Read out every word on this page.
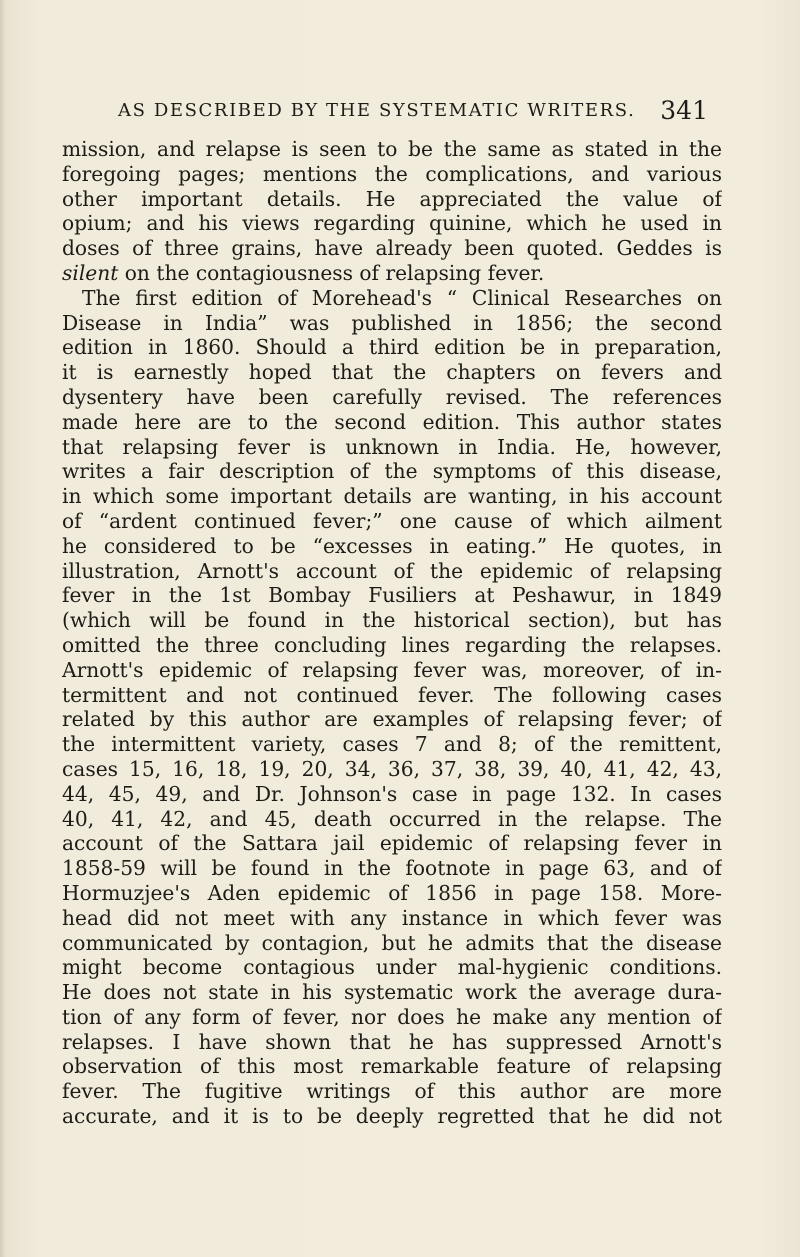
AS DESCRIBED BY THE SYSTEMATIC WRITERS. 341
mission, and relapse is seen to be the same as stated in the
foregoing pages; mentions the complications, and various
other important details. He appreciated the value of
opium; and his views regarding quinine, which he used in
doses of three grains, have already been quoted. Geddes is
silent on the contagiousness of relapsing fever.
The first edition of Morehead's “ Clinical Researches on
Disease in India” was published in 1856; the second
edition in 1860. Should a third edition be in preparation,
it is earnestly hoped that the chapters on fevers and
dysentery have been carefully revised. The references
made here are to the second edition. This author states
that relapsing fever is unknown in India. He, however,
writes a fair description of the symptoms of this disease,
in which some important details are wanting, in his account
of “ardent continued fever;” one cause of which ailment
he considered to be “excesses in eating.” He quotes, in
illustration, Arnott's account of the epidemic of relapsing
fever in the 1st Bombay Fusiliers at Peshawur, in 1849
(which will be found in the historical section), but has
omitted the three concluding lines regarding the relapses.
Arnott's epidemic of relapsing fever was, moreover, of in-
termittent and not continued fever. The following cases
related by this author are examples of relapsing fever; of
the intermittent variety, cases 7 and 8; of the remittent,
cases 15, 16, 18, 19, 20, 34, 36, 37, 38, 39, 40, 41, 42, 43,
44, 45, 49, and Dr. Johnson's case in page 132. In cases
40, 41, 42, and 45, death occurred in the relapse. The
account of the Sattara jail epidemic of relapsing fever in
1858-59 will be found in the footnote in page 63, and of
Hormuzjee's Aden epidemic of 1856 in page 158. More-
head did not meet with any instance in which fever was
communicated by contagion, but he admits that the disease
might become contagious under mal-hygienic conditions.
He does not state in his systematic work the average dura-
tion of any form of fever, nor does he make any mention of
relapses. I have shown that he has suppressed Arnott's
observation of this most remarkable feature of relapsing
fever. The fugitive writings of this author are more
accurate, and it is to be deeply regretted that he did not
